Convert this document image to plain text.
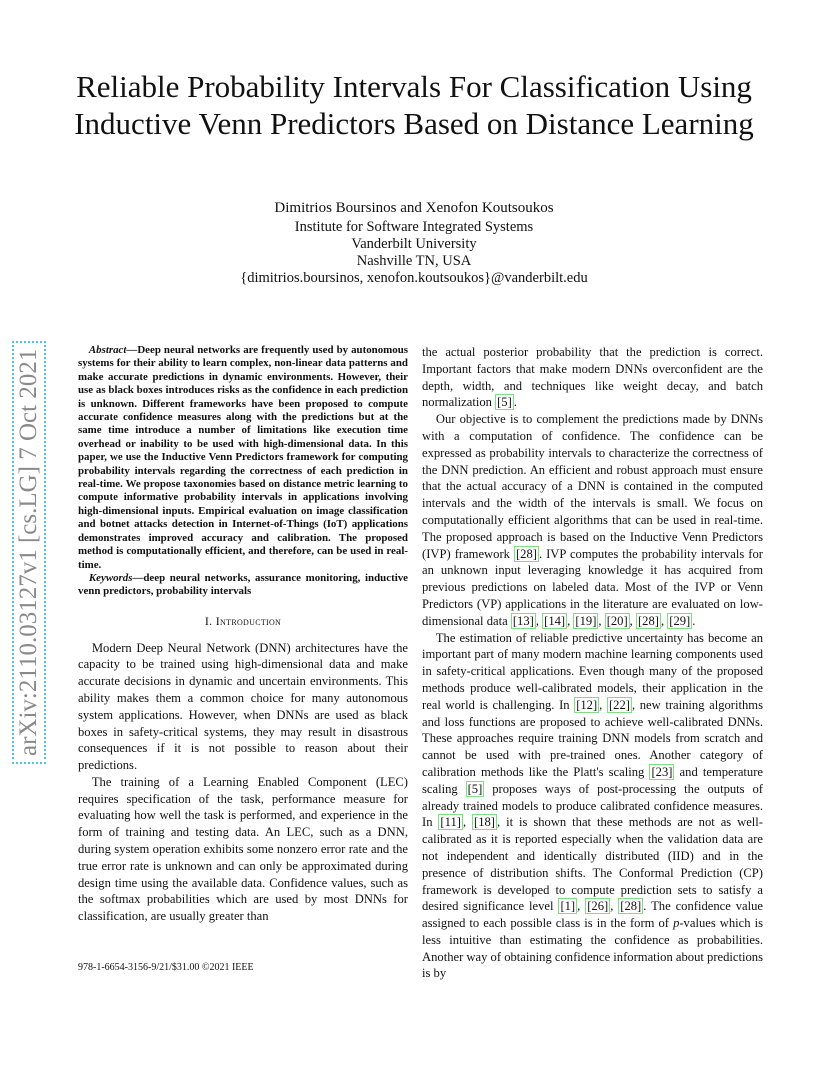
arXiv:2110.03127v1 [cs.LG] 7 Oct 2021
Reliable Probability Intervals For Classification Using Inductive Venn Predictors Based on Distance Learning
Dimitrios Boursinos and Xenofon Koutsoukos
Institute for Software Integrated Systems
Vanderbilt University
Nashville TN, USA
{dimitrios.boursinos, xenofon.koutsoukos}@vanderbilt.edu

Abstract—Deep neural networks are frequently used by autonomous systems for their ability to learn complex, non-linear data patterns and make accurate predictions in dynamic environments. However, their use as black boxes introduces risks as the confidence in each prediction is unknown. Different frameworks have been proposed to compute accurate confidence measures along with the predictions but at the same time introduce a number of limitations like execution time overhead or inability to be used with high-dimensional data. In this paper, we use the Inductive Venn Predictors framework for computing probability intervals regarding the correctness of each prediction in real-time. We propose taxonomies based on distance metric learning to compute informative probability intervals in applications involving high-dimensional inputs. Empirical evaluation on image classification and botnet attacks detection in Internet-of-Things (IoT) applications demonstrates improved accuracy and calibration. The proposed method is computationally efficient, and therefore, can be used in real-time.

Keywords—deep neural networks, assurance monitoring, inductive venn predictors, probability intervals

I. Introduction

Modern Deep Neural Network (DNN) architectures have the capacity to be trained using high-dimensional data and make accurate decisions in dynamic and uncertain environments. This ability makes them a common choice for many autonomous system applications. However, when DNNs are used as black boxes in safety-critical systems, they may result in disastrous consequences if it is not possible to reason about their predictions.

The training of a Learning Enabled Component (LEC) requires specification of the task, performance measure for evaluating how well the task is performed, and experience in the form of training and testing data. An LEC, such as a DNN, during system operation exhibits some nonzero error rate and the true error rate is unknown and can only be approximated during design time using the available data. Confidence values, such as the softmax probabilities which are used by most DNNs for classification, are usually greater than

the actual posterior probability that the prediction is correct. Important factors that make modern DNNs overconfident are the depth, width, and techniques like weight decay, and batch normalization [5] .

Our objective is to complement the predictions made by DNNs with a computation of confidence. The confidence can be expressed as probability intervals to characterize the correctness of the DNN prediction. An efficient and robust approach must ensure that the actual accuracy of a DNN is contained in the computed intervals and the width of the intervals is small. We focus on computationally efficient algorithms that can be used in real-time. The proposed approach is based on the Inductive Venn Predictors (IVP) framework [28] . IVP computes the probability intervals for an unknown input leveraging knowledge it has acquired from previous predictions on labeled data. Most of the IVP or Venn Predictors (VP) applications in the literature are evaluated on low-dimensional data [13] , [14] , [19] , [20] , [28] , [29] .

The estimation of reliable predictive uncertainty has become an important part of many modern machine learning components used in safety-critical applications. Even though many of the proposed methods produce well-calibrated models, their application in the real world is challenging. In [12] , [22] , new training algorithms and loss functions are proposed to achieve well-calibrated DNNs. These approaches require training DNN models from scratch and cannot be used with pre-trained ones. Another category of calibration methods like the Platt's scaling [23] and temperature scaling [5] proposes ways of post-processing the outputs of already trained models to produce calibrated confidence measures. In [11] , [18] , it is shown that these methods are not as well-calibrated as it is reported especially when the validation data are not independent and identically distributed (IID) and in the presence of distribution shifts. The Conformal Prediction (CP) framework is developed to compute prediction sets to satisfy a desired significance level [1] , [26] , [28] . The confidence value assigned to each possible class is in the form of p-values which is less intuitive than estimating the confidence as probabilities. Another way of obtaining confidence information about predictions is by

978-1-6654-3156-9/21/$31.00 ©2021 IEEE
